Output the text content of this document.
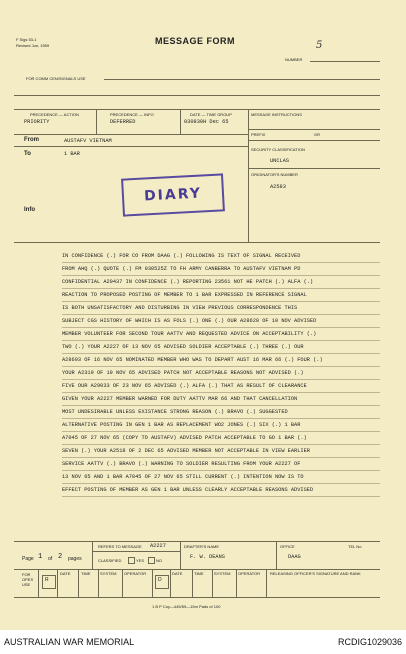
F Sigs 53-1
Revised Jun, 1959	MESSAGE FORM	5
NUMBER
FOR COMM CEN/SIGNALS USE
PRECEDENCE — ACTION
PRIORITY
PRECEDENCE — INFO
DEFERRED
DATE — TIME GROUP
030830H Dec 65
MESSAGE INSTRUCTIONS
PREFIX	GR
From	AUSTAFV VIETNAM
To	1 BAR
SECURITY CLASSIFICATION
UNCLAS
ORIGINATOR'S NUMBER
A2583
Info
DIARY
IN CONFIDENCE (.) FOR CO FROM DAAG (.) FOLLOWING IS TEXT OF SIGNAL RECEIVED
FROM AHQ (.) QUOTE (.) FM 030525Z TO FH ARMY CANBERRA TO AUSTAFV VIETNAM PD
CONFIDENTIAL A20437 IN CONFIDENCE (.) REPORTING 23561 NOT HE PATCH (.) ALFA (.)
REACTION TO PROPOSED POSTING OF MEMBER TO 1 BAR EXPRESSED IN REFERENCE SIGNAL
IS BOTH UNSATISFACTORY AND DISTURBING IN VIEW PREVIOUS CORRESPONDENCE THIS
SUBJECT CGS HISTORY OF WHICH IS AS FOLS (.) ONE (.) OUR A28620 OF 10 NOV ADVISED
MEMBER VOLUNTEER FOR SECOND TOUR AATTV AND REQUESTED ADVICE ON ACCEPTABILITY (.)
TWO (.) YOUR A2227 OF 13 NOV 65 ADVISED SOLDIER ACCEPTABLE (.) THREE (.) OUR
A28603 OF 16 NOV 65 NOMINATED MEMBER WHO WAS TO DEPART AUST 16 MAR 66 (.) FOUR (.)
YOUR A2319 OF 19 NOV 65 ADVISED PATCH NOT ACCEPTABLE REASONS NOT ADVISED (.)
FIVE OUR A29033 OF 23 NOV 65 ADVISED (.) ALFA (.) THAT AS RESULT OF CLEARANCE
GIVEN YOUR A2227 MEMBER WARNED FOR DUTY AATTV MAR 66 AND THAT CANCELLATION
MOST UNDESIRABLE UNLESS EXISTANCE STRONG REASON (.) BRAVO (.) SUGGESTED
ALTERNATIVE POSTING IN GEN 1 BAR AS REPLACEMENT WO2 JONES (.) SIX (.) 1 BAR
A7045 OF 27 NOV 65 (COPY TO AUSTAFV) ADVISED PATCH ACCEPTABLE TO GO 1 BAR (.)
SEVEN (.) YOUR A2518 OF 2 DEC 65 ADVISED MEMBER NOT ACCEPTABLE IN VIEW EARLIER
SERVICE AATTV (.) BRAVO (.) WARNING TO SOLDIER RESULTING FROM YOUR A2227 OF
13 NOV 65 AND 1 BAR A7045 OF 27 NOV 65 STILL CURRENT (.) INTENTION NOW IS TO
EFFECT POSTING OF MEMBER AS GEN 1 BAR UNLESS CLEARLY ACCEPTABLE REASONS ADVISED
Page 1 of 2 pages
REFERS TO MESSAGE A2227
CLASSIFIED	YES	NO
DRAFTER'S NAME
F. W. DEANS
OFFICE
DAAG
TEL No
FOR OPES USE
R
DATE	TIME SYSTEM OPERATOR
D
DATE	TIME	SYSTEM OPERATOR RELEASING OFFICER'S SIGNATURE AND RANK
1 B P Coy—445/59—15m Pads of 100
AUSTRALIAN WAR MEMORIAL	RCDIG1029036
